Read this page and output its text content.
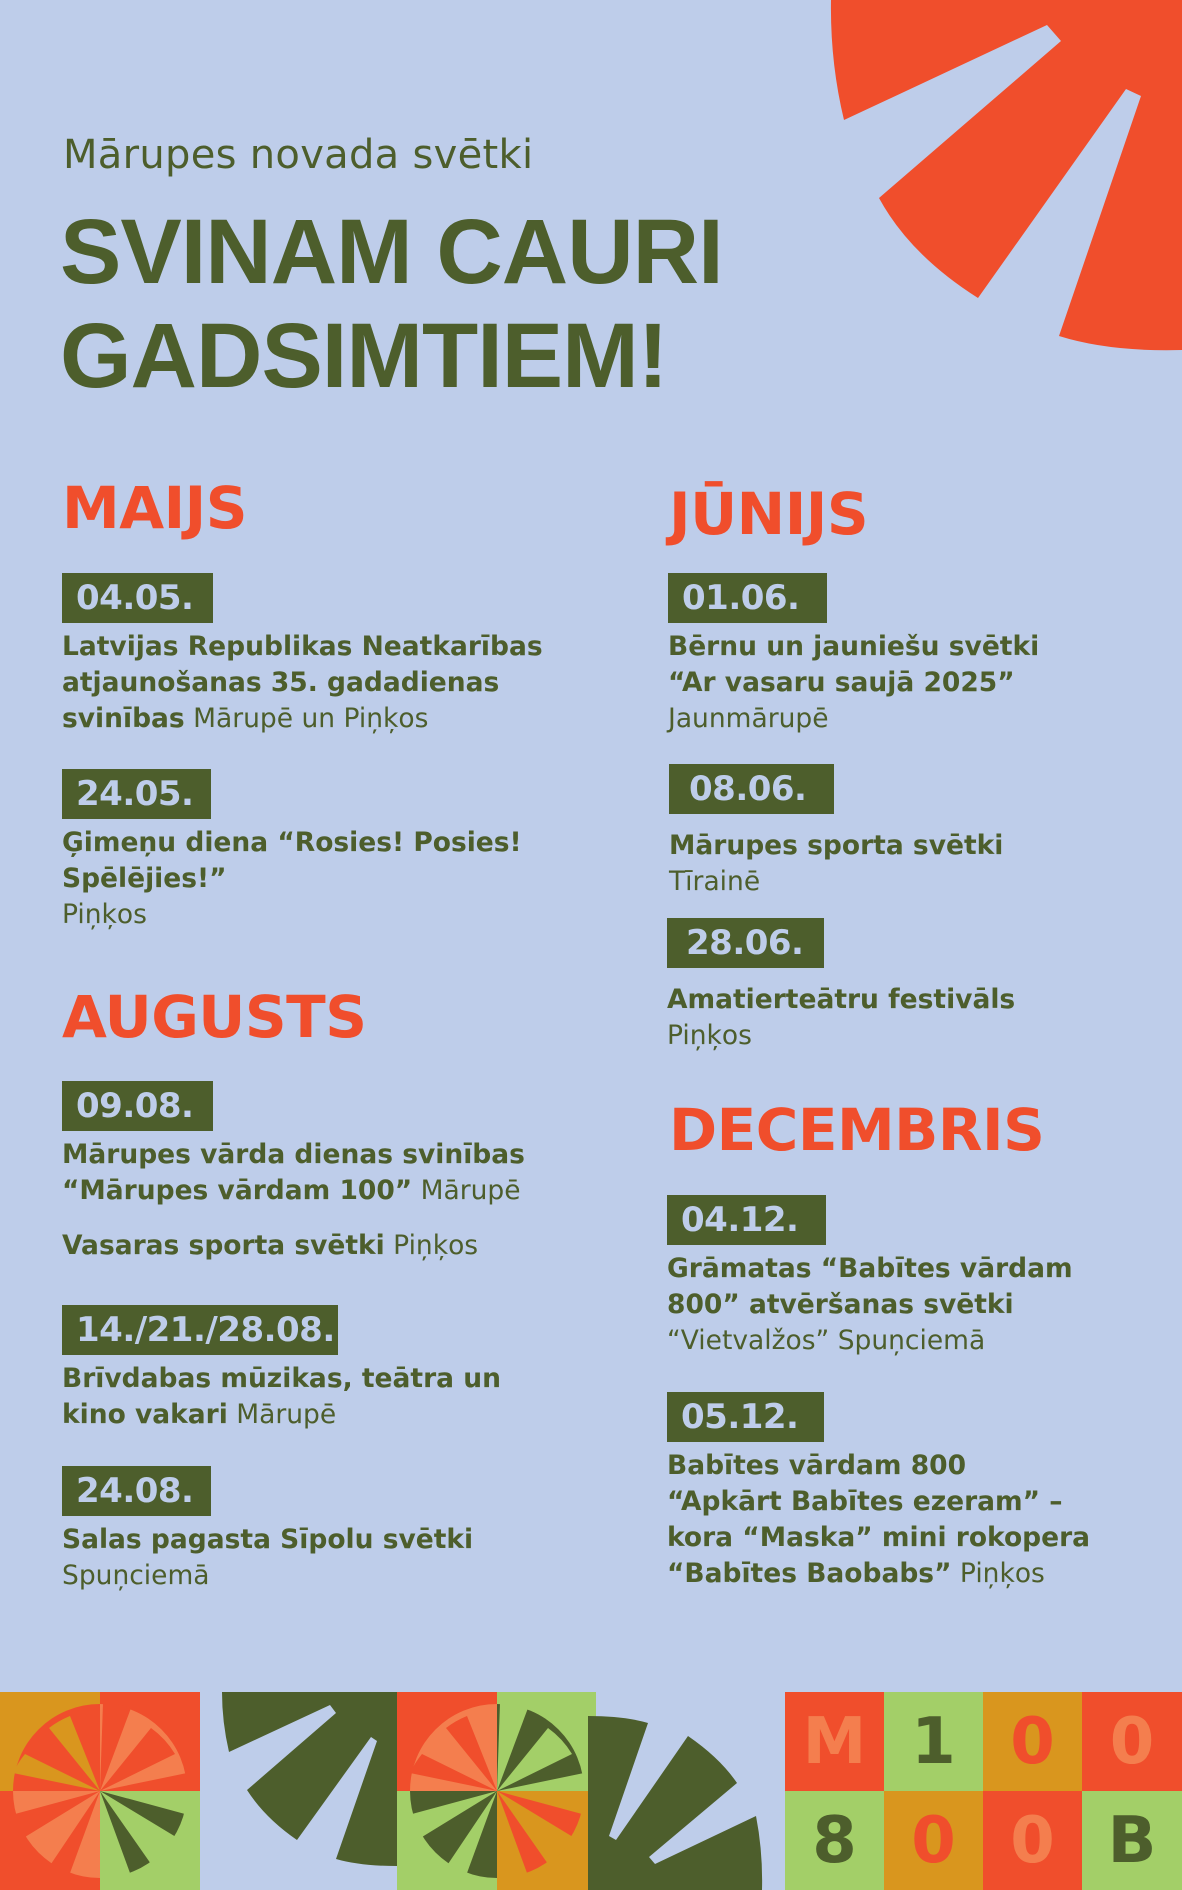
Mārupes novada svētki
SVINAM CAURI
GADSIMTIEM!
MAIJS
04.05.
Latvijas Republikas Neatkarības
atjaunošanas 35. gadadienas
svinības Mārupē un Piņķos
24.05.
Ģimeņu diena “Rosies! Posies!
Spēlējies!”
Piņķos
AUGUSTS
09.08.
Mārupes vārda dienas svinības
“Mārupes vārdam 100” Mārupē
Vasaras sporta svētki Piņķos
14./21./28.08.
Brīvdabas mūzikas, teātra un
kino vakari Mārupē
24.08.
Salas pagasta Sīpolu svētki
Spuņciemā
JŪNIJS
01.06.
Bērnu un jauniešu svētki
“Ar vasaru saujā 2025”
Jaunmārupē
08.06.
Mārupes sporta svētki
Tīrainē
28.06.
Amatierteātru festivāls
Piņķos
DECEMBRIS
04.12.
Grāmatas “Babītes vārdam
800” atvēršanas svētki
“Vietvalžos” Spuņciemā
05.12.
Babītes vārdam 800
“Apkārt Babītes ezeram” –
kora “Maska” mini rokopera
“Babītes Baobabs” Piņķos
M 1 0 0
8 0 0 B
